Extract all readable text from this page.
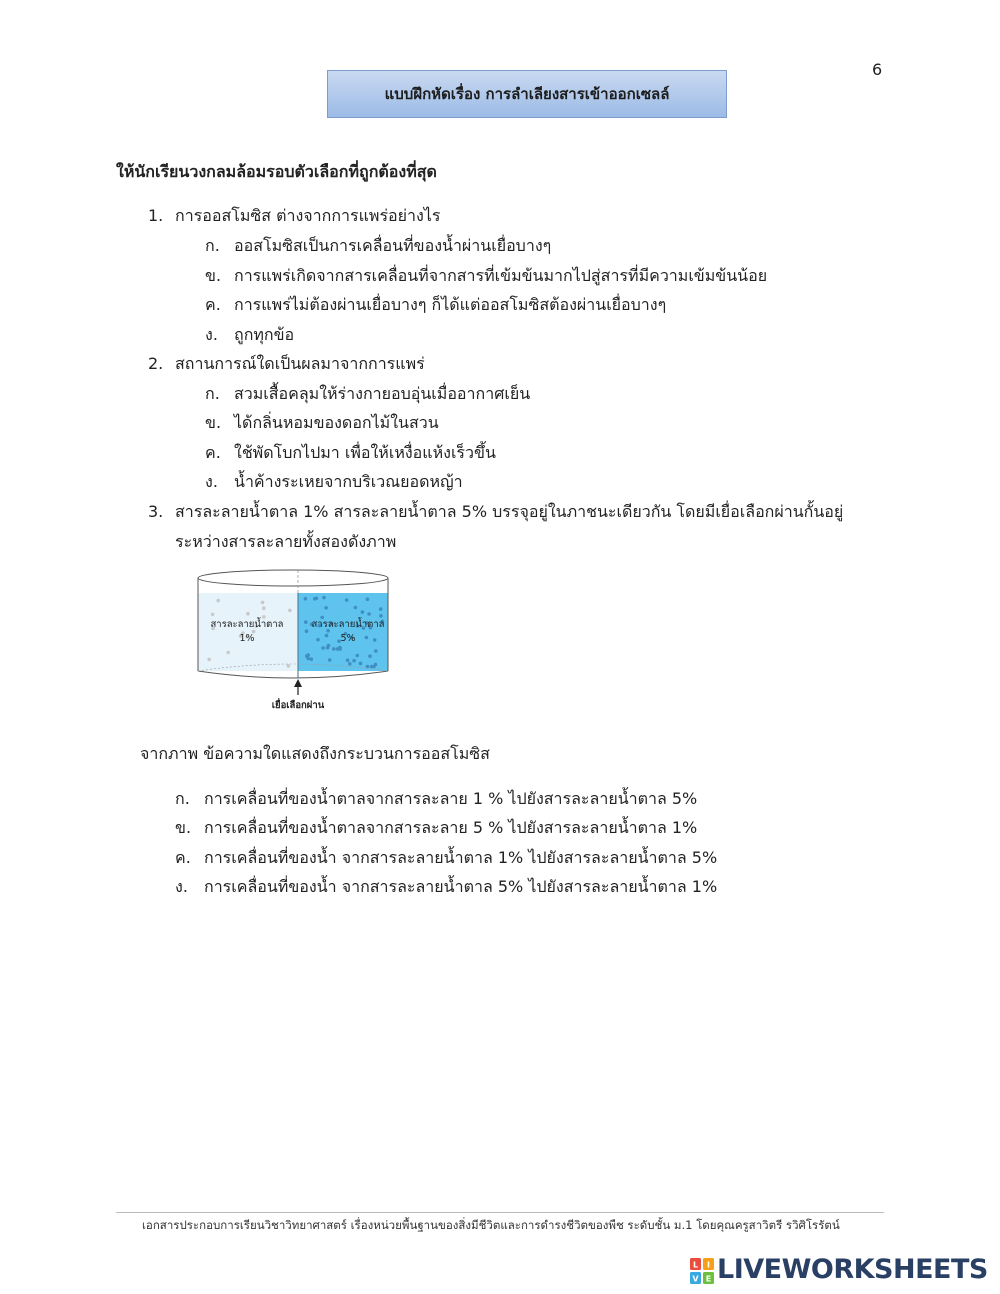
6
แบบฝึกหัดเรื่อง การลำเลียงสารเข้าออกเซลล์
ให้นักเรียนวงกลมล้อมรอบตัวเลือกที่ถูกต้องที่สุด
1. การออสโมซิส ต่างจากการแพร่อย่างไร
ก. ออสโมซิสเป็นการเคลื่อนที่ของน้ำผ่านเยื่อบางๆ
ข. การแพร่เกิดจากสารเคลื่อนที่จากสารที่เข้มข้นมากไปสู่สารที่มีความเข้มข้นน้อย
ค. การแพร่ไม่ต้องผ่านเยื่อบางๆ ก็ได้แต่ออสโมซิสต้องผ่านเยื่อบางๆ
ง. ถูกทุกข้อ
2. สถานการณ์ใดเป็นผลมาจากการแพร่
ก. สวมเสื้อคลุมให้ร่างกายอบอุ่นเมื่ออากาศเย็น
ข. ได้กลิ่นหอมของดอกไม้ในสวน
ค. ใช้พัดโบกไปมา เพื่อให้เหงื่อแห้งเร็วขึ้น
ง. น้ำค้างระเหยจากบริเวณยอดหญ้า
3. สารละลายน้ำตาล 1% สารละลายน้ำตาล 5% บรรจุอยู่ในภาชนะเดียวกัน โดยมีเยื่อเลือกผ่านกั้นอยู่
ระหว่างสารละลายทั้งสองดังภาพ
สารละลายน้ำตาล
1%
สารละลายน้ำตาล
5%
เยื่อเลือกผ่าน
จากภาพ ข้อความใดแสดงถึงกระบวนการออสโมซิส
ก. การเคลื่อนที่ของน้ำตาลจากสารละลาย 1 % ไปยังสารละลายน้ำตาล 5%
ข. การเคลื่อนที่ของน้ำตาลจากสารละลาย 5 % ไปยังสารละลายน้ำตาล 1%
ค. การเคลื่อนที่ของน้ำ จากสารละลายน้ำตาล 1% ไปยังสารละลายน้ำตาล 5%
ง. การเคลื่อนที่ของน้ำ จากสารละลายน้ำตาล 5% ไปยังสารละลายน้ำตาล 1%
เอกสารประกอบการเรียนวิชาวิทยาศาสตร์ เรื่องหน่วยพื้นฐานของสิ่งมีชีวิตและการดำรงชีวิตของพืช ระดับชั้น ม.1 โดยคุณครูสาวิตรี รวิศิโรรัตน์
L I
V E LIVEWORKSHEETS
